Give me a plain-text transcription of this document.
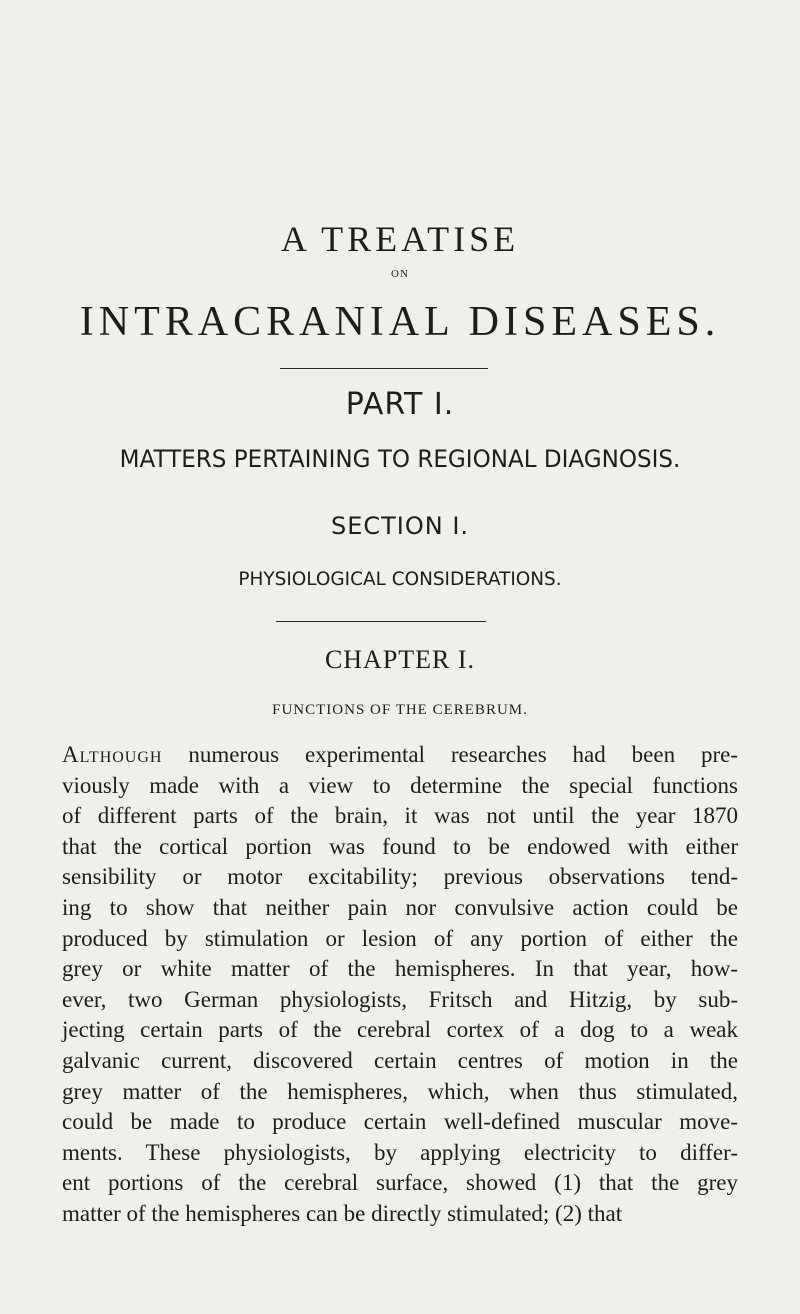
A TREATISE
ON
INTRACRANIAL DISEASES.
PART I.
MATTERS PERTAINING TO REGIONAL DIAGNOSIS.
SECTION I.
PHYSIOLOGICAL CONSIDERATIONS.
CHAPTER I.
FUNCTIONS OF THE CEREBRUM.
Although numerous experimental researches had been pre-
viously made with a view to determine the special functions
of different parts of the brain, it was not until the year 1870
that the cortical portion was found to be endowed with either
sensibility or motor excitability; previous observations tend-
ing to show that neither pain nor convulsive action could be
produced by stimulation or lesion of any portion of either the
grey or white matter of the hemispheres. In that year, how-
ever, two German physiologists, Fritsch and Hitzig, by sub-
jecting certain parts of the cerebral cortex of a dog to a weak
galvanic current, discovered certain centres of motion in the
grey matter of the hemispheres, which, when thus stimulated,
could be made to produce certain well-defined muscular move-
ments. These physiologists, by applying electricity to differ-
ent portions of the cerebral surface, showed (1) that the grey
matter of the hemispheres can be directly stimulated; (2) that
